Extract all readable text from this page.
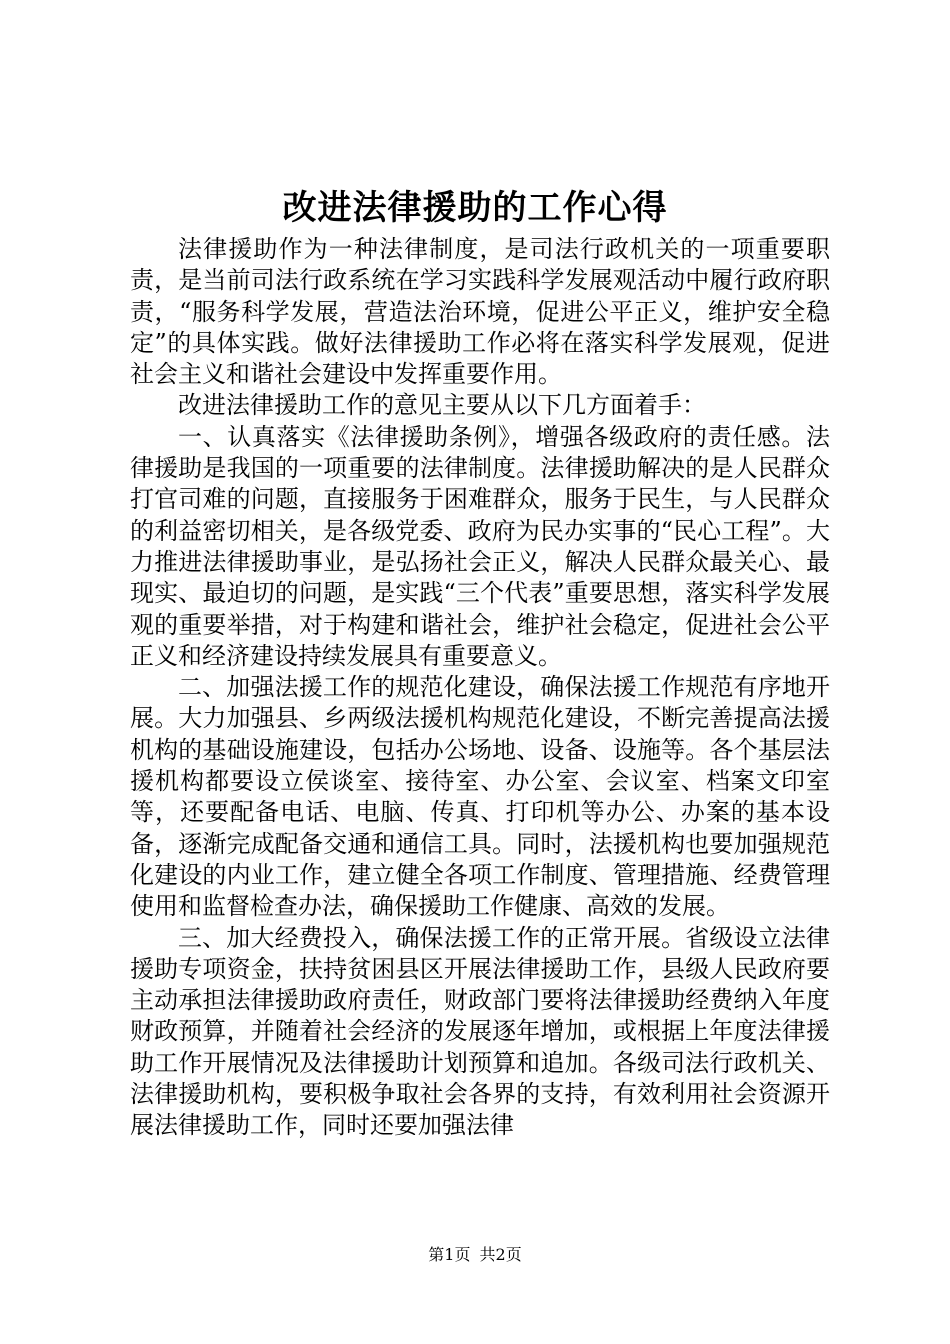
改进法律援助的工作心得

法律援助作为一种法律制度，是司法行政机关的一项重要职责，是当前司法行政系统在学习实践科学发展观活动中履行政府职责，“服务科学发展，营造法治环境，促进公平正义，维护安全稳定”的具体实践。做好法律援助工作必将在落实科学发展观，促进社会主义和谐社会建设中发挥重要作用。

改进法律援助工作的意见主要从以下几方面着手：

一、认真落实《法律援助条例》，增强各级政府的责任感。法律援助是我国的一项重要的法律制度。法律援助解决的是人民群众打官司难的问题，直接服务于困难群众，服务于民生，与人民群众的利益密切相关，是各级党委、政府为民办实事的“民心工程”。大力推进法律援助事业，是弘扬社会正义，解决人民群众最关心、最现实、最迫切的问题，是实践“三个代表”重要思想，落实科学发展观的重要举措，对于构建和谐社会，维护社会稳定，促进社会公平正义和经济建设持续发展具有重要意义。

二、加强法援工作的规范化建设，确保法援工作规范有序地开展。大力加强县、乡两级法援机构规范化建设，不断完善提高法援机构的基础设施建设，包括办公场地、设备、设施等。各个基层法援机构都要设立侯谈室、接待室、办公室、会议室、档案文印室等，还要配备电话、电脑、传真、打印机等办公、办案的基本设备，逐渐完成配备交通和通信工具。同时，法援机构也要加强规范化建设的内业工作，建立健全各项工作制度、管理措施、经费管理使用和监督检查办法，确保援助工作健康、高效的发展。

三、加大经费投入，确保法援工作的正常开展。省级设立法律援助专项资金，扶持贫困县区开展法律援助工作，县级人民政府要主动承担法律援助政府责任，财政部门要将法律援助经费纳入年度财政预算，并随着社会经济的发展逐年增加，或根据上年度法律援助工作开展情况及法律援助计划预算和追加。各级司法行政机关、法律援助机构，要积极争取社会各界的支持，有效利用社会资源开展法律援助工作，同时还要加强法律

第1页 共2页
